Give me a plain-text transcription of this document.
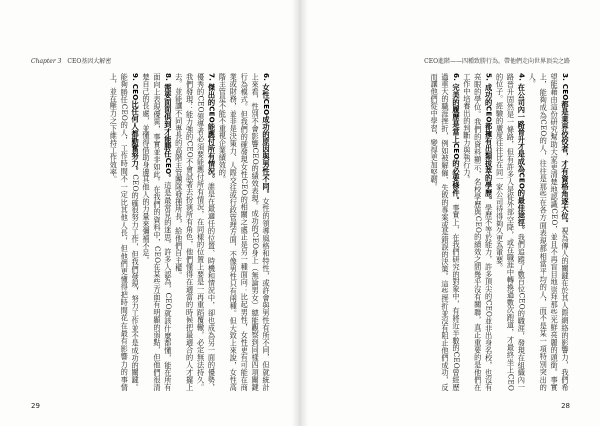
Chapter 3 CEO基因大解密

6. 女性CEO成功的原因與男性不同。女性的領導風格和特性，或許會與男性有所不同，但就統計上來看，性別不會影響CEO的績效表現。成功的CEO身上（無論男女）總能觀察到同樣四項關鍵行為模式。但我們的確發現女性CEO的相關之處正是另一種面向：比起男性，女性更有可能在商業或財務，並非是決策力、人際交往或行政管理方面，不像男性只有兩種。但大致上來說，女性高階主管是不能不重視企業績效的。

7. 傑出的CEO能應付所有情況。誰是在最適任的位置、時機和情況中，卻也成為另一面的優勢，優秀的CEO領導者必須要能應付所有情況，在同樣的位置上要是一再重蹈覆轍，必定無法持久。我們發現：能力強的CEO不會試著去扮演所有角色，他們懂得在適當的時候把最適合的人才擺上去。並能讓不同專長的高階主管團隊發揮所長，給他們自主權。

8. 需要面面俱到才能勝任CEO。這是最常見的迷思。許多人認為，CEO就該什麼都懂，能在所有面向上表現優異，事實並非如此。在我們的資料中，CEO在某些方面有明顯的弱點，但他們很清楚自己的長處，並懂得借助身邊其他人的力量來彌補不足。

9. CEO比任何人都勤奮努力。CEO的確很努力工作，但我們發現，努力工作並不是成功的關鍵。能夠勝任CEO的人，工作時間不一定比其他人長，但他們更懂得把時間花在最有影響力的事情上，並在壓力之下維持工作效率。

29
CEO進階——四種致勝行為，帶他們走向世界頂尖之路

3. CEO都是業界佼佼者，才有資格角逐大位。視為傳人的關鍵在於其人際網絡的影響力，我們希望能藉由這份研究幫助大家更清楚地認識CEO，並且不再盲目地崇拜那些光鮮亮麗的頭銜。事實上，能夠成為CEO的人，往往是那些在各方面表現都相當平均的人，而不是某一項特別突出的人。

4. 在公司內一路晉升才是成為CEO的最佳途徑。我們追蹤了數百位CEO的職涯，發現在組織內一路晉升固然是一條路，但有許多人是從外部空降，或在職涯中轉換過數次跑道，才最終坐上CEO的位子。經驗的廣度往往比在同一家公司待得夠久更為重要。

5. 成功的CEO都擁有出類拔萃的學歷。學歷不等於能力，許多頂尖的CEO並非出身名校，也沒有亮眼的學位。我們的資料顯示，名校學歷與CEO的績效之間幾乎沒有關聯，真正重要的是他們在工作中培養出的判斷力與執行力。

6. 完美的履歷是當上CEO的必要條件。事實上，在我們研究的對象中，有將近半數的CEO曾經歷過重大的職涯挫折，例如被解僱、失敗的專案或是錯誤的決策。這些挫折並沒有阻止他們成功，反而讓他們從中學習，變得更加堅韌。

28
